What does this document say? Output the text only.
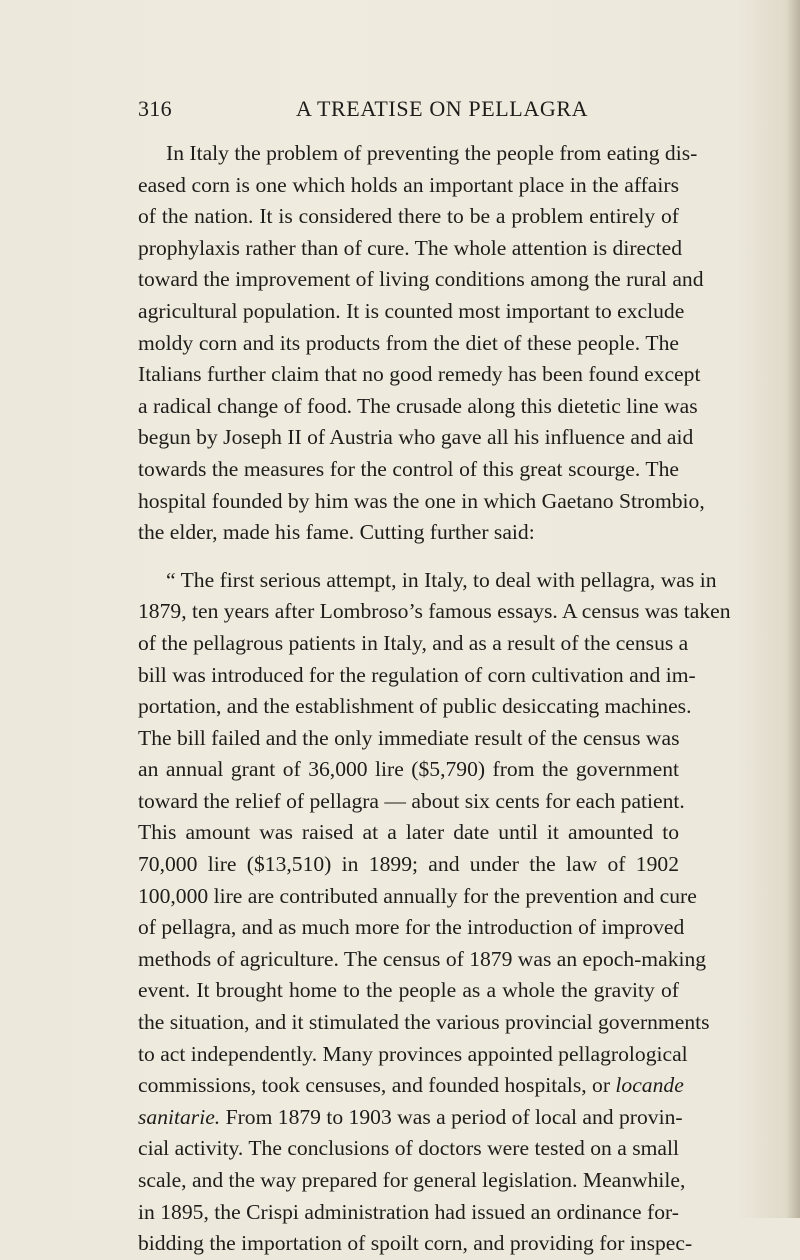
316	A TREATISE ON PELLAGRA
In Italy the problem of preventing the people from eating dis-
eased corn is one which holds an important place in the affairs
of the nation. It is considered there to be a problem entirely of
prophylaxis rather than of cure. The whole attention is directed
toward the improvement of living conditions among the rural and
agricultural population. It is counted most important to exclude
moldy corn and its products from the diet of these people. The
Italians further claim that no good remedy has been found except
a radical change of food. The crusade along this dietetic line was
begun by Joseph II of Austria who gave all his influence and aid
towards the measures for the control of this great scourge. The
hospital founded by him was the one in which Gaetano Strombio,
the elder, made his fame. Cutting further said:
“ The first serious attempt, in Italy, to deal with pellagra, was in
1879, ten years after Lombroso’s famous essays. A census was taken
of the pellagrous patients in Italy, and as a result of the census a
bill was introduced for the regulation of corn cultivation and im-
portation, and the establishment of public desiccating machines.
The bill failed and the only immediate result of the census was
an annual grant of 36,000 lire ($5,790) from the government
toward the relief of pellagra — about six cents for each patient.
This amount was raised at a later date until it amounted to
70,000 lire ($13,510) in 1899; and under the law of 1902
100,000 lire are contributed annually for the prevention and cure
of pellagra, and as much more for the introduction of improved
methods of agriculture. The census of 1879 was an epoch-making
event. It brought home to the people as a whole the gravity of
the situation, and it stimulated the various provincial governments
to act independently. Many provinces appointed pellagrological
commissions, took censuses, and founded hospitals, or locande
sanitarie. From 1879 to 1903 was a period of local and provin-
cial activity. The conclusions of doctors were tested on a small
scale, and the way prepared for general legislation. Meanwhile,
in 1895, the Crispi administration had issued an ordinance for-
bidding the importation of spoilt corn, and providing for inspec-
